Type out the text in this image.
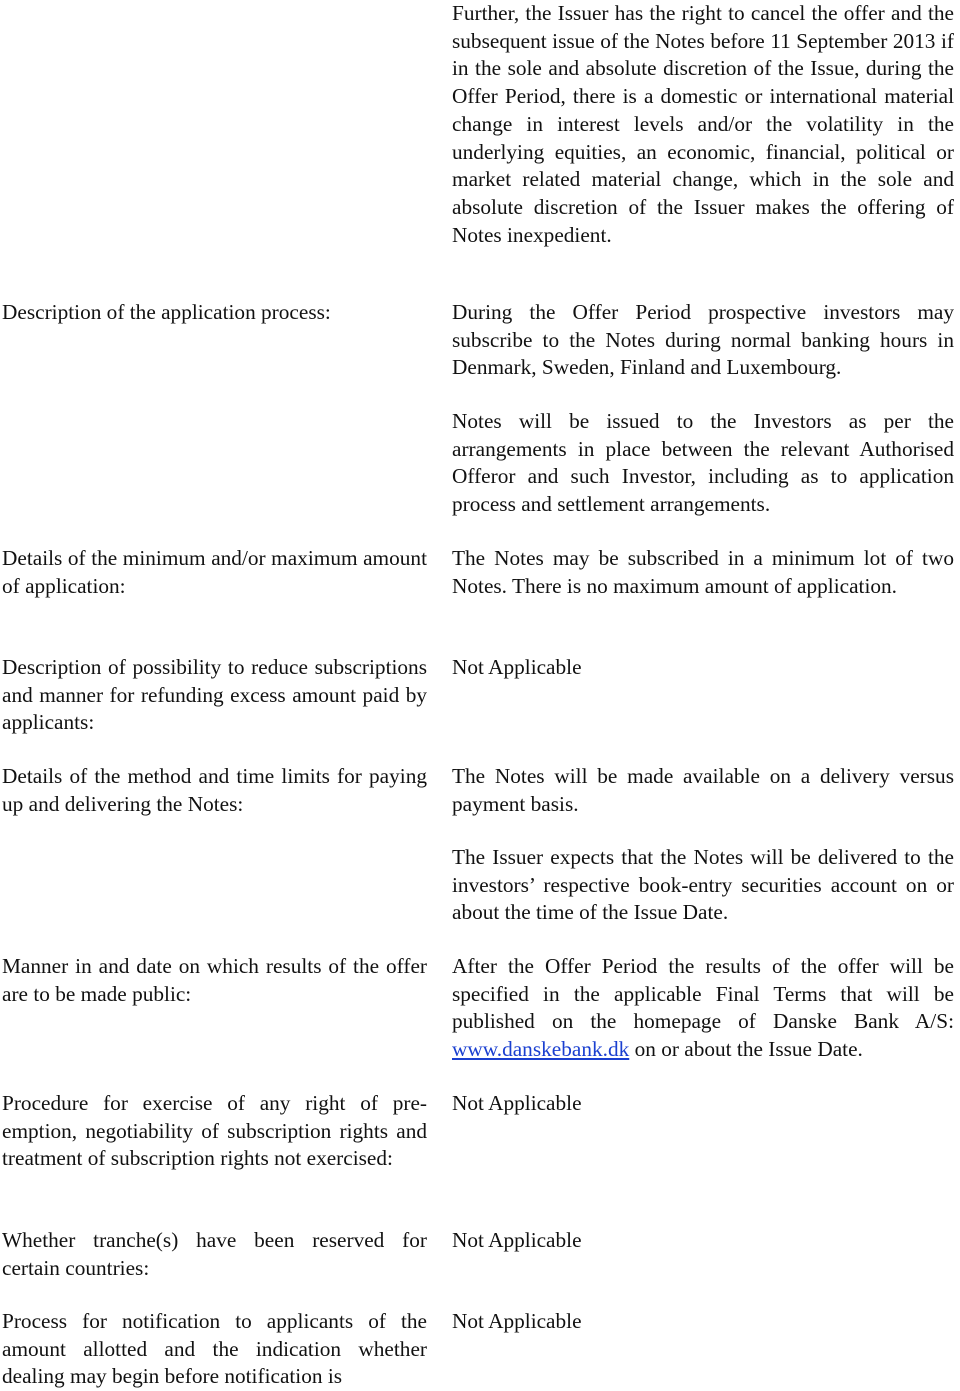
Further, the Issuer has the right to cancel the offer and the subsequent issue of the Notes before 11 September 2013 if in the sole and absolute discretion of the Issue, during the Offer Period, there is a domestic or international material change in interest levels and/or the volatility in the underlying equities, an economic, financial, political or market related material change, which in the sole and absolute discretion of the Issuer makes the offering of Notes inexpedient.
Description of the application process:	During the Offer Period prospective investors may subscribe to the Notes during normal banking hours in Denmark, Sweden, Finland and Luxembourg.
Notes will be issued to the Investors as per the arrangements in place between the relevant Authorised Offeror and such Investor, including as to application process and settlement arrangements.
Details of the minimum and/or maximum amount of application:
The Notes may be subscribed in a minimum lot of two Notes. There is no maximum amount of application.
Description of possibility to reduce subscriptions and manner for refunding excess amount paid by applicants:
Not Applicable
Details of the method and time limits for paying up and delivering the Notes:
The Notes will be made available on a delivery versus payment basis.
The Issuer expects that the Notes will be delivered to the investors’ respective book-entry securities account on or about the time of the Issue Date.
Manner in and date on which results of the offer are to be made public:
After the Offer Period the results of the offer will be specified in the applicable Final Terms that will be published on the homepage of Danske Bank A/S: www.danskebank.dk on or about the Issue Date.
Procedure for exercise of any right of pre-emption, negotiability of subscription rights and treatment of subscription rights not exercised:
Not Applicable
Whether tranche(s) have been reserved for certain countries:
Not Applicable
Process for notification to applicants of the amount allotted and the indication whether dealing may begin before notification is
Not Applicable
